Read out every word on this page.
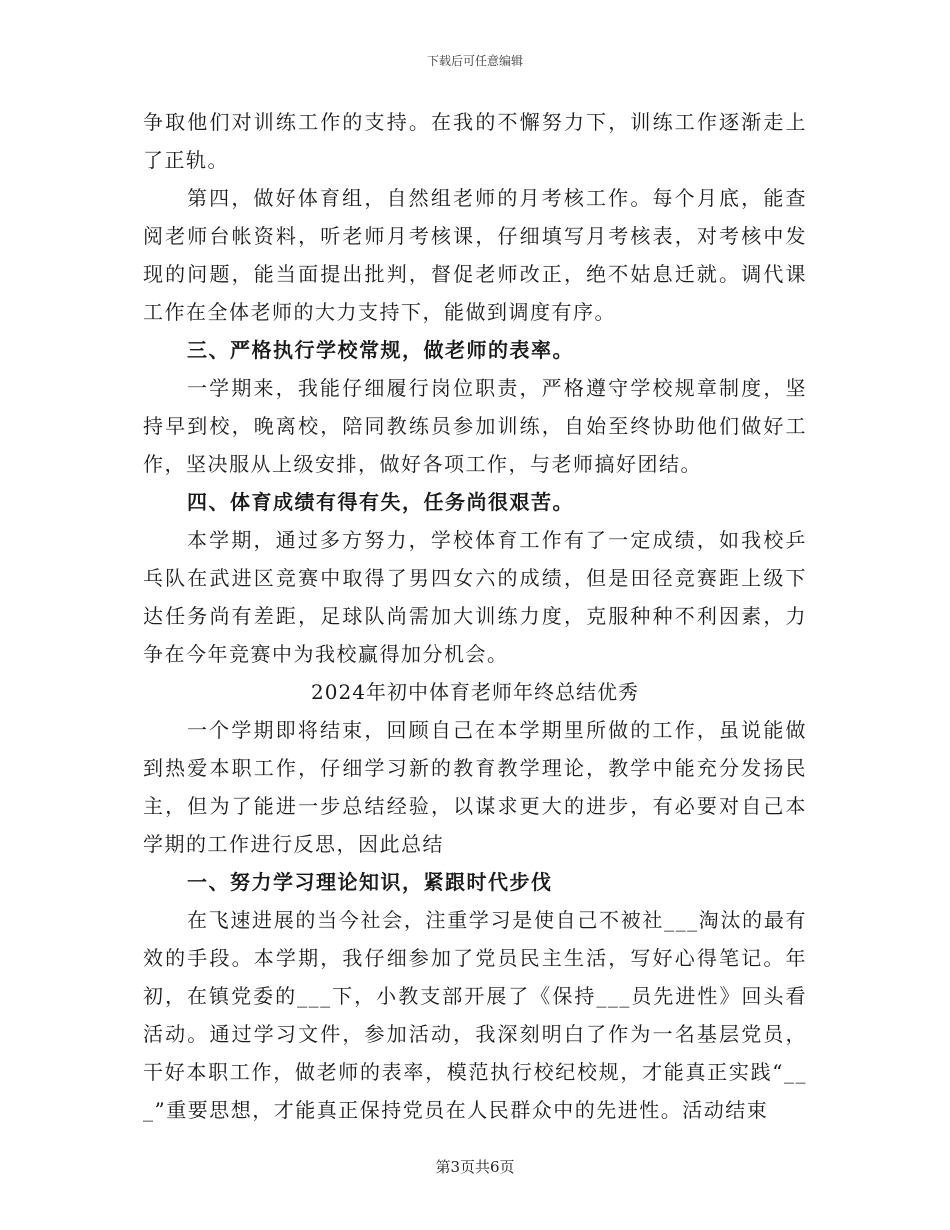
下载后可任意编辑

争取他们对训练工作的支持。在我的不懈努力下，训练工作逐渐走上了正轨。

第四，做好体育组，自然组老师的月考核工作。每个月底，能查阅老师台帐资料，听老师月考核课，仔细填写月考核表，对考核中发现的问题，能当面提出批判，督促老师改正，绝不姑息迁就。调代课工作在全体老师的大力支持下，能做到调度有序。

三、严格执行学校常规，做老师的表率。

一学期来，我能仔细履行岗位职责，严格遵守学校规章制度，坚持早到校，晚离校，陪同教练员参加训练，自始至终协助他们做好工作，坚决服从上级安排，做好各项工作，与老师搞好团结。

四、体育成绩有得有失，任务尚很艰苦。

本学期，通过多方努力，学校体育工作有了一定成绩，如我校乒乓队在武进区竞赛中取得了男四女六的成绩，但是田径竞赛距上级下达任务尚有差距，足球队尚需加大训练力度，克服种种不利因素，力争在今年竞赛中为我校赢得加分机会。

2024年初中体育老师年终总结优秀

一个学期即将结束，回顾自己在本学期里所做的工作，虽说能做到热爱本职工作，仔细学习新的教育教学理论，教学中能充分发扬民主，但为了能进一步总结经验，以谋求更大的进步，有必要对自己本学期的工作进行反思，因此总结

一、努力学习理论知识，紧跟时代步伐

在飞速进展的当今社会，注重学习是使自己不被社___淘汰的最有效的手段。本学期，我仔细参加了党员民主生活，写好心得笔记。年初，在镇党委的___下，小教支部开展了《保持___员先进性》回头看活动。通过学习文件，参加活动，我深刻明白了作为一名基层党员，干好本职工作，做老师的表率，模范执行校纪校规，才能真正实践“___”重要思想，才能真正保持党员在人民群众中的先进性。活动结束

第3页共6页
